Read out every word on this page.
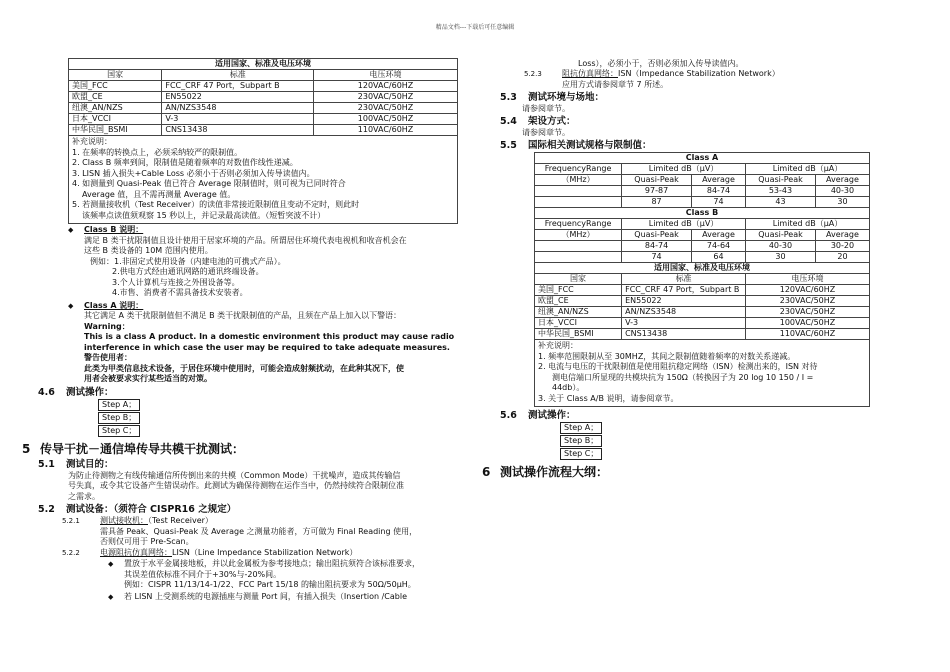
精品文档---下载后可任意编辑
适用国家、标准及电压环境		
国家	标准	电压环境
美国_FCC	FCC_CRF 47 Port，Subpart B	120VAC/60HZ
欧盟_CE	EN55022	230VAC/50HZ
纽澳_AN/NZS	AN/NZS3548	230VAC/50HZ
日本_VCCI	V-3	100VAC/50HZ
中华民国_BSMI	CNS13438	110VAC/60HZ
补充说明：
1. 在频率的转换点上，必须采纳较严的限制值。
2. Class B 频率到间，限制值是随着频率的对数值作线性递减。
3. LISN 插入损失+Cable Loss 必须小于否则必须加入传导读值内。
4. 如测量到 Quasi-Peak 值已符合 Average 限制值时，则可视为已同时符合
Average 值，且不需再测量 Average 值。
5. 若测量接收机（Test Receiver）的读值非常接近限制值且变动不定时，则此时
该频率点读值须观察 15 秒以上，并记录最高读值。（短暂突波不计）
◆ Class B 说明：
满足 B 类干扰限制值且设计使用于居家环境的产品。所谓居住环境代表电视机和收音机会在
这些 B 类设备的 10M 范围内使用。
例如：1.非固定式使用设备（内建电池的可携式产品）。
2.供电方式经由通讯网路的通讯终端设备。
3.个人计算机与连接之外围设备等。
4.市售、消费者不需具备技术安装者。
◆ Class A 说明：
其它满足 A 类干扰限制值但不满足 B 类干扰限制值的产品，且须在产品上加入以下警语：
Warning：
This is a class A product. In a domestic environment this product may cause radio
interference in which case the user may be required to take adequate measures.
警告使用者：
此类为甲类信息技术设备，于居住环境中使用时，可能会造成射频扰动，在此种其况下，使
用者会被要求实行某些适当的对策。
4.6 测试操作：
Step A；
Step B；
Step C；
5 传导干扰－通信埠传导共模干扰测试：
5.1 测试目的：
为防止待测物之有线传输通信所传倒出来的共模（Common Mode）干扰噪声，造成其传输信
号失真，或令其它设备产生错误动作。此测试为确保待测物在运作当中，仍然持续符合限制位准
之需求。
5.2 测试设备：（须符合 CISPR16 之规定）
5.2.1	测试接收机：（Test Receiver）
需具备 Peak、Quasi-Peak 及 Average 之测量功能者，方可做为 Final Reading 使用，
否则仅可用于 Pre-Scan。
5.2.2	电源阻抗仿真网络：LISN（Line Impedance Stabilization Network）
◆ 置放于水平金属接地板，并以此金属板为参考接地点；输出阻抗须符合该标准要求，
其误差值依标准不同介于+30%与-20%间。
例如：CISPR 11/13/14-1/22、FCC Part 15/18 的输出阻抗要求为 50Ω/50µH。
◆ 若 LISN 上受测系统的电源插座与测量 Port 间，有插入损失（Insertion /Cable
Loss），必须小于，否则必须加入传导读值内。
5.2.3	阻抗仿真网络：ISN（Impedance Stabilization Network）
应用方式请参阅章节 7 所述。
5.3 测试环境与场地：
请参阅章节。
5.4 架设方式：
请参阅章节。
5.5 国际相关测试规格与限制值：
Class A				
FrequencyRange	Limited dB（µV）		Limited dB（µA）	
（MHz）	Quasi-Peak	Average	Quasi-Peak	Average
	97-87	84-74	53-43	40-30
	87	74	43	30
Class B				
FrequencyRange	Limited dB（µV）		Limited dB（µA）	
（MHz）	Quasi-Peak	Average	Quasi-Peak	Average
	84-74	74-64	40-30	30-20
	74	64	30	20
适用国家、标准及电压环境		
国家	标准	电压环境
美国_FCC	FCC_CRF 47 Port，Subpart B	120VAC/60HZ
欧盟_CE	EN55022	230VAC/50HZ
纽澳_AN/NZS	AN/NZS3548	230VAC/50HZ
日本_VCCI	V-3	100VAC/50HZ
中华民国_BSMI	CNS13438	110VAC/60HZ
补充说明：
1. 频率范围限制从至 30MHZ，其间之限制值随着频率的对数关系递减。
2. 电流与电压的干扰限制值是使用阻抗稳定网络（ISN）检测出来的，ISN 对待
测电信端口所显现的共模块抗为 150Ω（转换因子为 20 log 10 150 / I =
44db）。
3. 关于 Class A/B 说明，请参阅章节。
5.6 测试操作：
Step A；
Step B；
Step C；
6 测试操作流程大纲：
